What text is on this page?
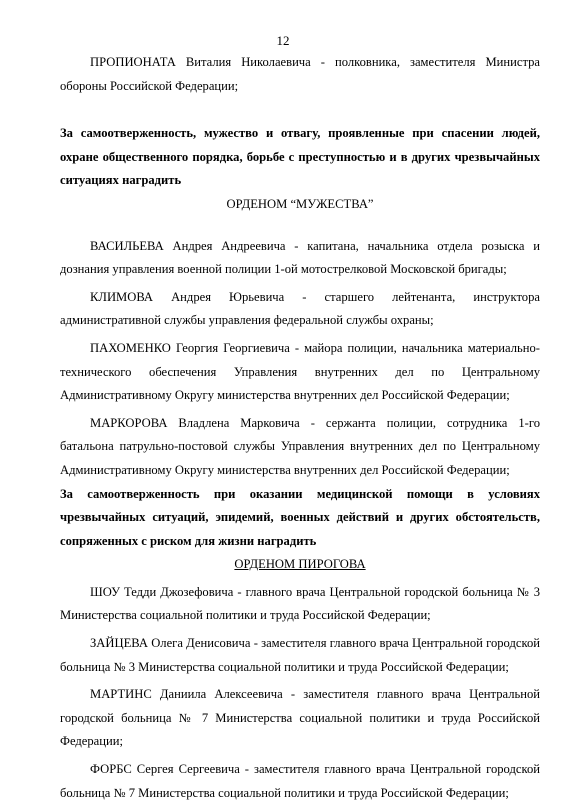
12

ПРОПИОНАТА Виталия Николаевича - полковника, заместителя Министра обороны Российской Федерации;

За самоотверженность, мужество и отвагу, проявленные при спасении людей, охране общественного порядка, борьбе с преступностью и в других чрезвычайных ситуациях наградить

ОРДЕНОМ “МУЖЕСТВА”

ВАСИЛЬЕВА Андрея Андреевича - капитана, начальника отдела розыска и дознания управления военной полиции 1-ой мотострелковой Московской бригады;

КЛИМОВА Андрея Юрьевича - старшего лейтенанта, инструктора административной службы управления федеральной службы охраны;

ПАХОМЕНКО Георгия Георгиевича - майора полиции, начальника материально-технического обеспечения Управления внутренних дел по Центральному Административному Округу министерства внутренних дел Российской Федерации;

МАРКОРОВА Владлена Марковича - сержанта полиции, сотрудника 1-го батальона патрульно-постовой службы Управления внутренних дел по Центральному Административному Округу министерства внутренних дел Российской Федерации;

За самоотверженность при оказании медицинской помощи в условиях чрезвычайных ситуаций, эпидемий, военных действий и других обстоятельств, сопряженных с риском для жизни наградить

ОРДЕНОМ ПИРОГОВА

ШОУ Тедди Джозефовича - главного врача Центральной городской больница № 3 Министерства социальной политики и труда Российской Федерации;

ЗАЙЦЕВА Олега Денисовича - заместителя главного врача Центральной городской больница № 3 Министерства социальной политики и труда Российской Федерации;

МАРТИНС Даниила Алексеевича - заместителя главного врача Центральной городской больница № 7 Министерства социальной политики и труда Российской Федерации;

ФОРБС Сергея Сергеевича - заместителя главного врача Центральной городской больница № 7 Министерства социальной политики и труда Российской Федерации;
